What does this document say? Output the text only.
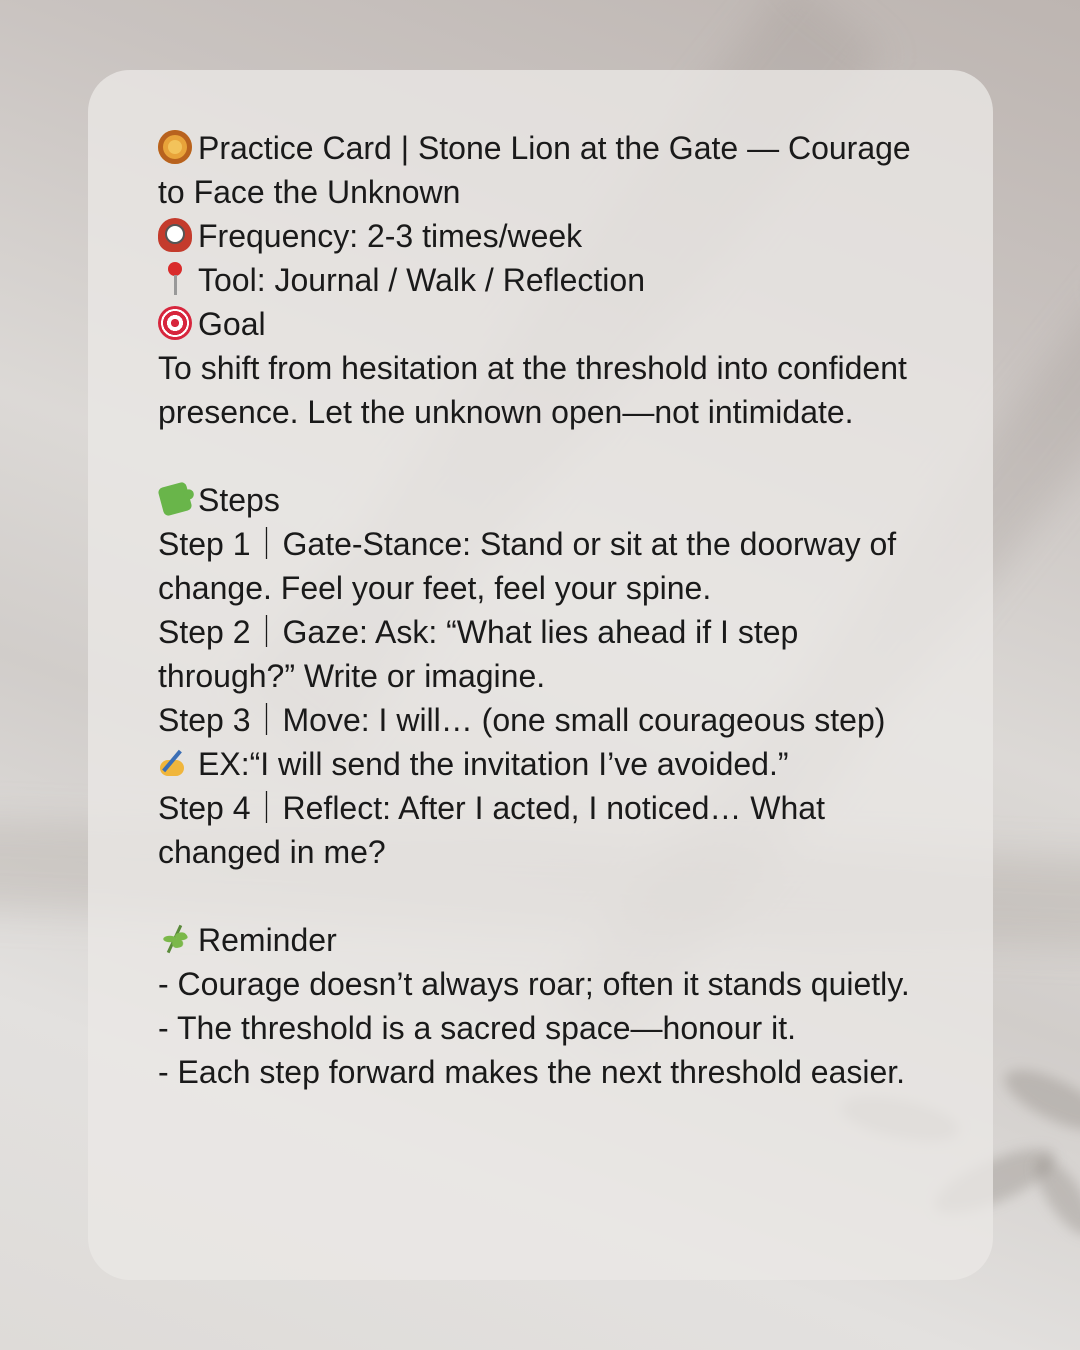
Practice Card | Stone Lion at the Gate — Courage to Face the Unknown
Frequency: 2-3 times/week
Tool: Journal / Walk / Reflection
Goal
To shift from hesitation at the threshold into confident presence. Let the unknown open—not intimidate.
Steps
Step 1｜Gate-Stance: Stand or sit at the doorway of change. Feel your feet, feel your spine.
Step 2｜Gaze: Ask: “What lies ahead if I step through?” Write or imagine.
Step 3｜Move: I will… (one small courageous step)
EX:“I will send the invitation I’ve avoided.”
Step 4｜Reflect: After I acted, I noticed… What changed in me?
Reminder
- Courage doesn’t always roar; often it stands quietly.
- The threshold is a sacred space—honour it.
- Each step forward makes the next threshold easier.
